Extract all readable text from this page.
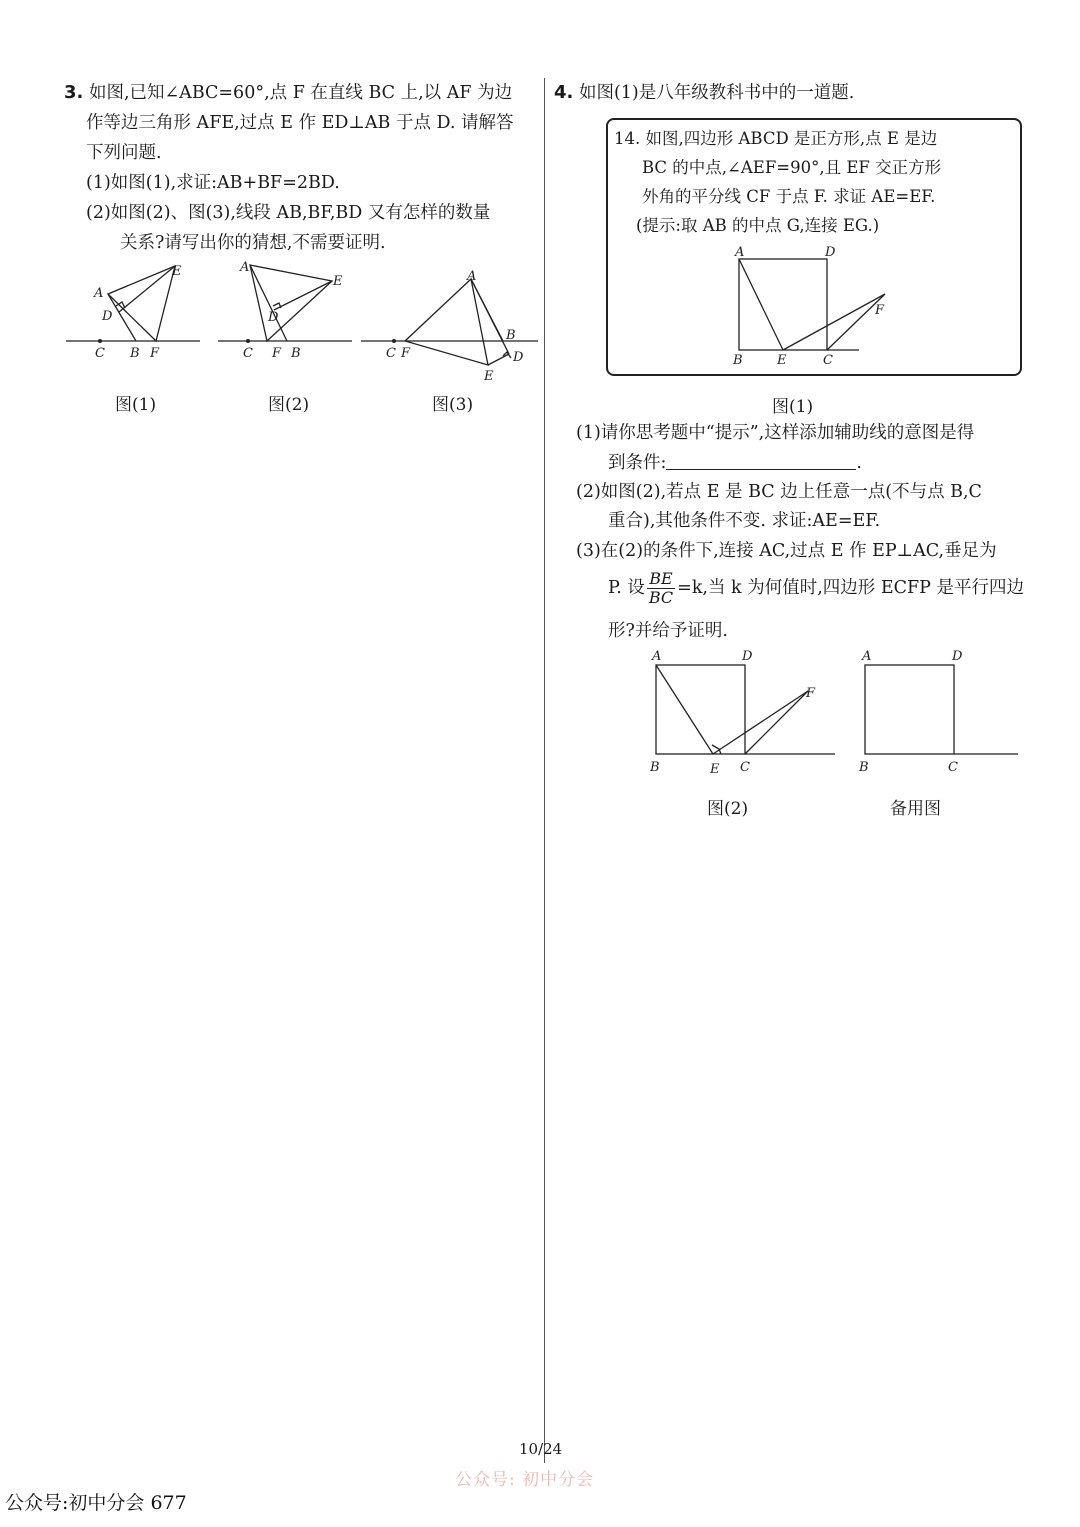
3. 如图,已知∠ABC=60°,点 F 在直线 BC 上,以 AF 为边
作等边三角形 AFE,过点 E 作 ED⊥AB 于点 D. 请解答
下列问题.
(1)如图(1),求证:AB+BF=2BD.
(2)如图(2)、图(3),线段 AB,BF,BD 又有怎样的数量
关系?请写出你的猜想,不需要证明.
C B F
A
D
E
图(1)
C F B
A
D
E
图(2)
C F
A
B
D
E
图(3)
4. 如图(1)是八年级教科书中的一道题.
14. 如图,四边形 ABCD 是正方形,点 E 是边
BC 的中点,∠AEF=90°,且 EF 交正方形
外角的平分线 CF 于点 F. 求证 AE=EF.
(提示:取 AB 的中点 G,连接 EG.)
A	D
B	E	C
F
图(1)
(1)请你思考题中“提示”,这样添加辅助线的意图是得
到条件:	.
(2)如图(2),若点 E 是 BC 边上任意一点(不与点 B,C
重合),其他条件不变. 求证:AE=EF.
(3)在(2)的条件下,连接 AC,过点 E 作 EP⊥AC,垂足为
P. 设 $\frac{BE}{BC} =k$,当 k 为何值时,四边形 ECFP 是平行四边
形?并给予证明.
A	D
B	E C
F
图(2)
A	D
B	C
备用图
10/24
公众号: 初中分会
公众号:初中分会 677
